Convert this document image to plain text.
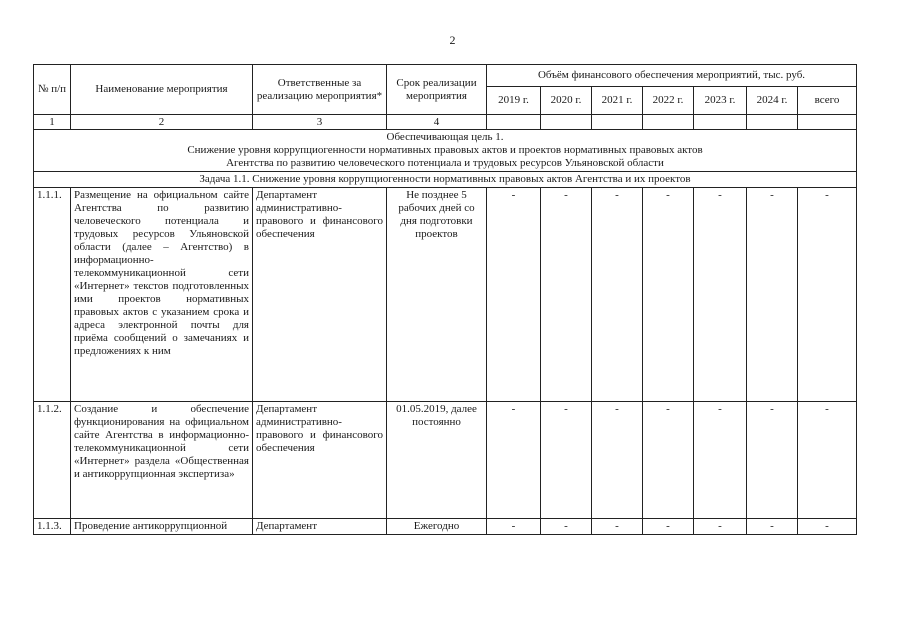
2
№ п/п	Наименование мероприятия	Ответственные за реализацию мероприятия*	Срок реализации мероприятия	Объём финансового обеспечения мероприятий, тыс. руб.						
				2019 г.	2020 г.	2021 г.	2022 г.	2023 г.	2024 г.	всего
1	2	3	4							

Обеспечивающая цель 1.
Снижение уровня коррупциогенности нормативных правовых актов и проектов нормативных правовых актов
Агентства по развитию человеческого потенциала и трудовых ресурсов Ульяновской области										

Задача 1.1. Снижение уровня коррупциогенности нормативных правовых актов Агентства и их проектов										
1.1.1.	Размещение на официальном сайте Агентства по развитию человеческого потенциала и трудовых ресурсов Ульяновской области (далее – Агентство) в информационно-телекоммуникационной сети «Интернет» текстов подготовленных ими проектов нормативных правовых актов с указанием срока и адреса электронной почты для приёма сообщений о замечаниях и предложениях к ним	Департамент административно-правового и финансового обеспечения	Не позднее 5 рабочих дней со дня подготовки проектов	-	-	-	-	-	-	-
1.1.2.	Создание и обеспечение функционирования на официальном сайте Агентства в информационно-телекоммуникационной сети «Интернет» раздела «Общественная и антикоррупционная экспертиза»	Департамент административно-правового и финансового обеспечения	01.05.2019, далее постоянно	-	-	-	-	-	-	-
1.1.3.	Проведение антикоррупционной	Департамент	Ежегодно	-	-	-	-	-	-	-
